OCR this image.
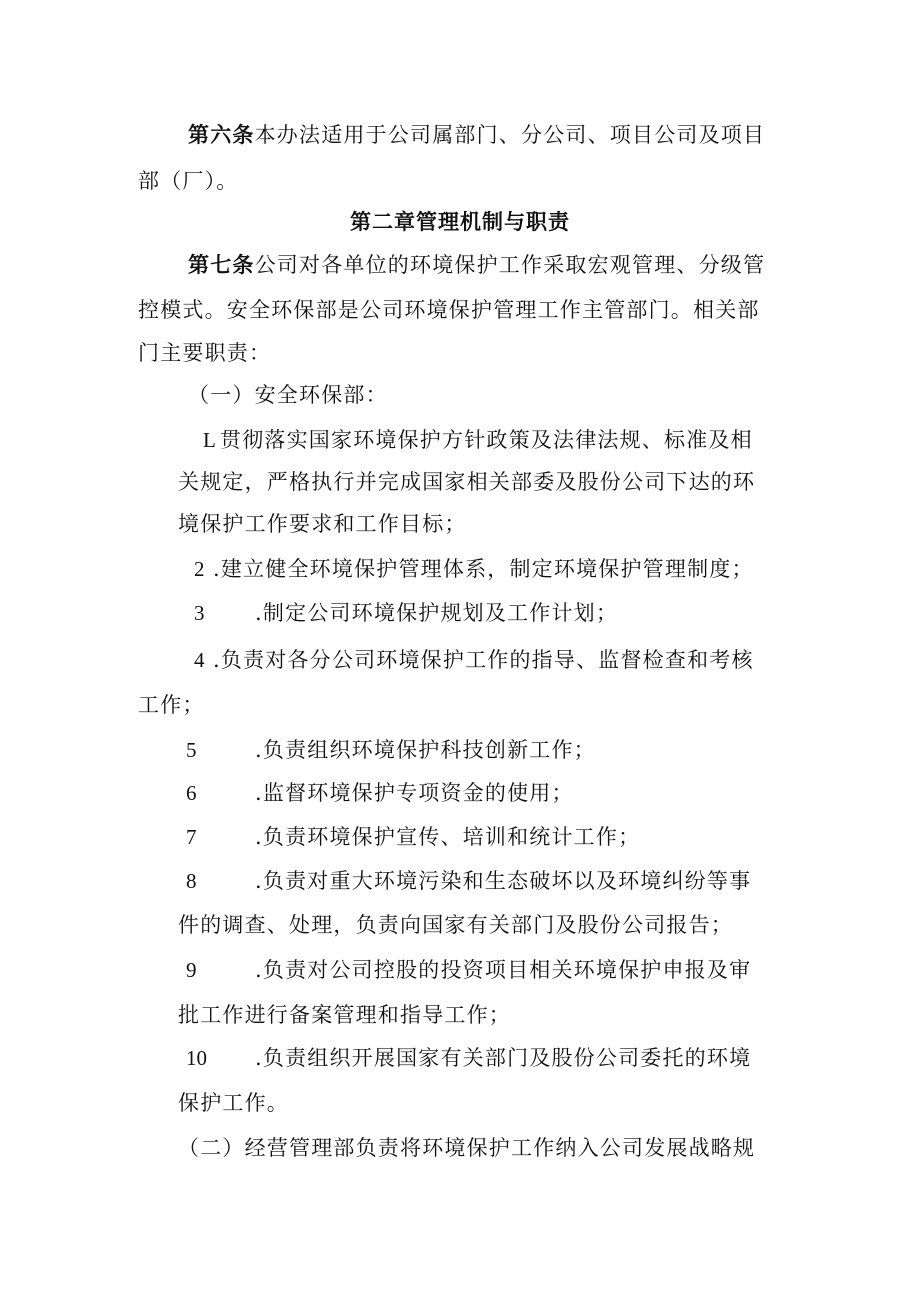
第六条本办法适用于公司属部门、分公司、项目公司及项目
部（厂）。
第二章管理机制与职责
第七条公司对各单位的环境保护工作采取宏观管理、分级管
控模式。安全环保部是公司环境保护管理工作主管部门。相关部
门主要职责：
（一）安全环保部：
L 贯彻落实国家环境保护方针政策及法律法规、标准及相
关规定，严格执行并完成国家相关部委及股份公司下达的环
境保护工作要求和工作目标；
2 .建立健全环境保护管理体系，制定环境保护管理制度；
3 .制定公司环境保护规划及工作计划；
4 .负责对各分公司环境保护工作的指导、监督检查和考核
工作；
5	.负责组织环境保护科技创新工作；
6	.监督环境保护专项资金的使用；
7	.负责环境保护宣传、培训和统计工作；
8	.负责对重大环境污染和生态破坏以及环境纠纷等事
件的调查、处理，负责向国家有关部门及股份公司报告；
9	.负责对公司控股的投资项目相关环境保护申报及审
批工作进行备案管理和指导工作；
10 .负责组织开展国家有关部门及股份公司委托的环境
保护工作。
（二）经营管理部负责将环境保护工作纳入公司发展战略规
